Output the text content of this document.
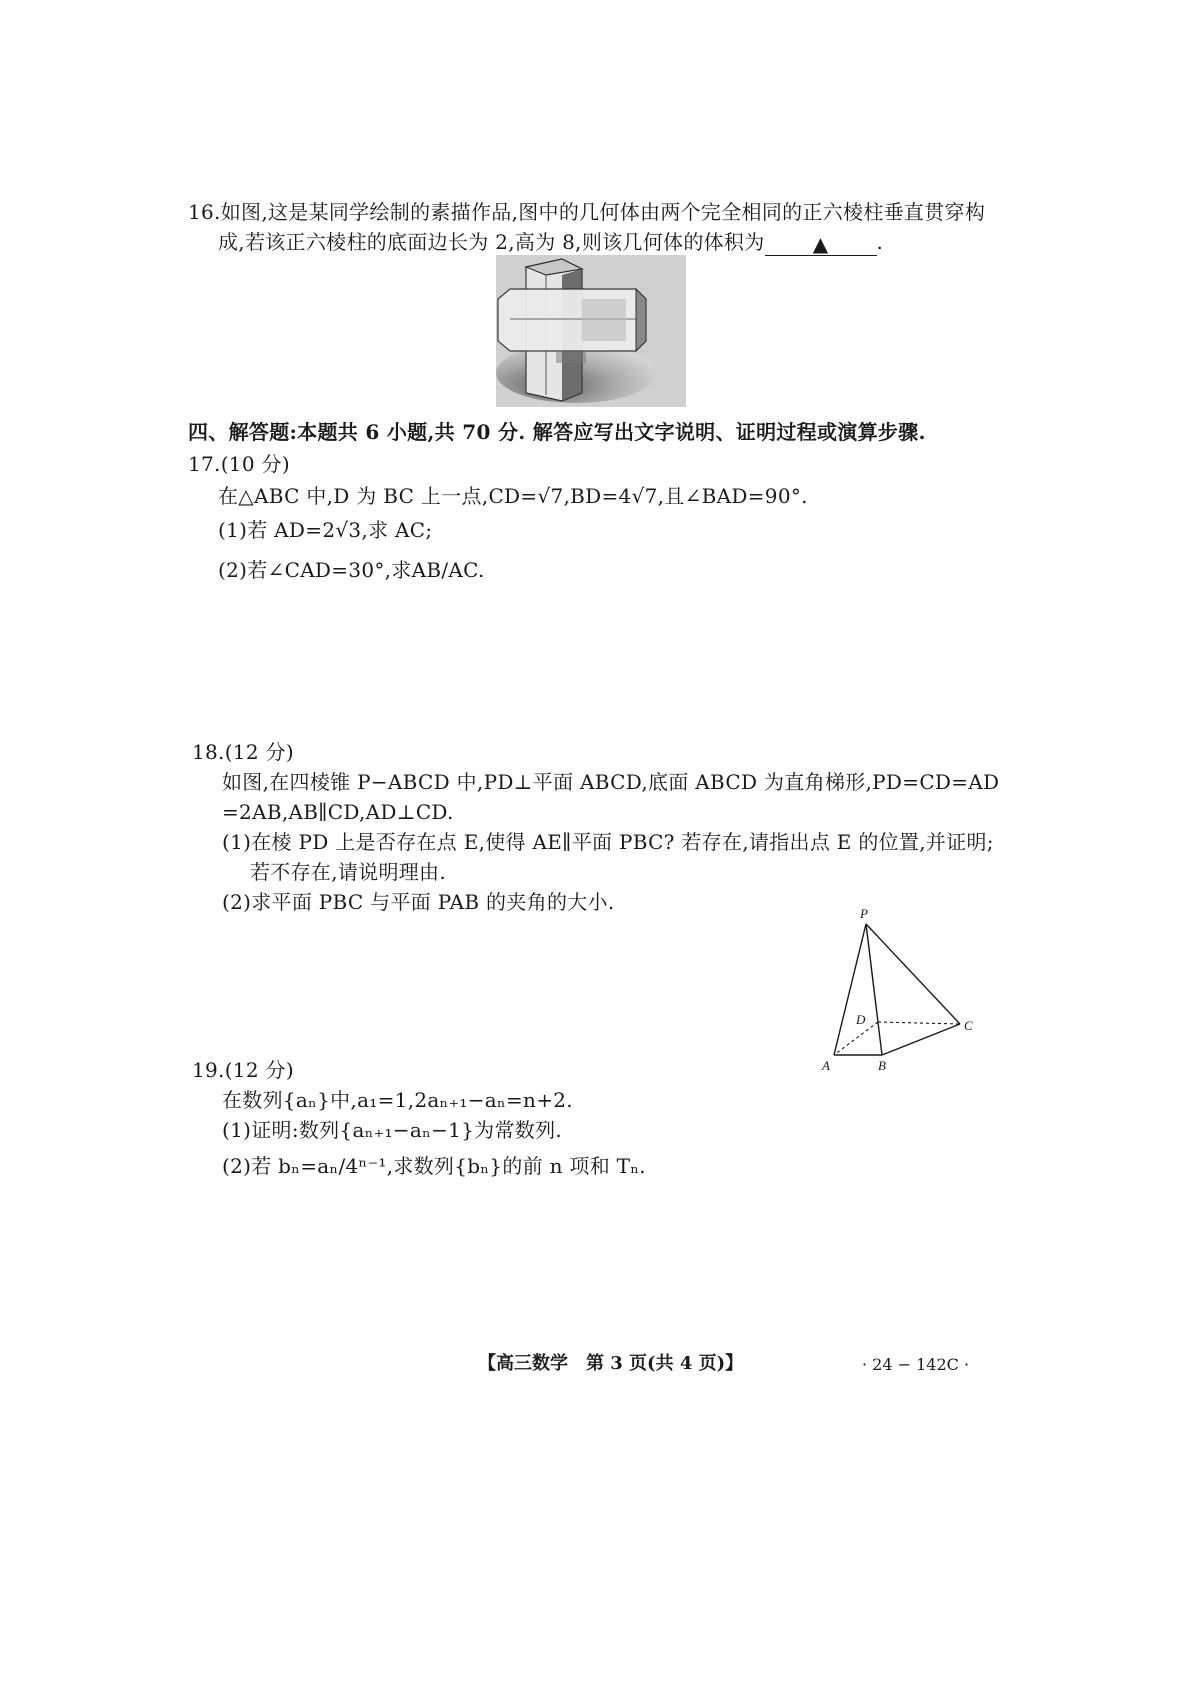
16.如图,这是某同学绘制的素描作品,图中的几何体由两个完全相同的正六棱柱垂直贯穿构
成,若该正六棱柱的底面边长为 2,高为 8,则该几何体的体积为 ▲ .
四、解答题:本题共 6 小题,共 70 分. 解答应写出文字说明、证明过程或演算步骤.
17.(10 分)
在△ABC 中,D 为 BC 上一点,CD=√7,BD=4√7,且∠BAD=90°.
(1)若 AD=2√3,求 AC;
(2)若∠CAD=30°,求AB/AC.
18.(12 分)
如图,在四棱锥 P−ABCD 中,PD⊥平面 ABCD,底面 ABCD 为直角梯形,PD=CD=AD
=2AB,AB∥CD,AD⊥CD.
(1)在棱 PD 上是否存在点 E,使得 AE∥平面 PBC? 若存在,请指出点 E 的位置,并证明;
若不存在,请说明理由.
(2)求平面 PBC 与平面 PAB 的夹角的大小.	P
D	C
A	B
19.(12 分)
在数列{aₙ}中,a₁=1,2aₙ₊₁−aₙ=n+2.
(1)证明:数列{aₙ₊₁−aₙ−1}为常数列.
(2)若 bₙ=aₙ/4ⁿ⁻¹,求数列{bₙ}的前 n 项和 Tₙ.
【高三数学　第 3 页(共 4 页)】	· 24 − 142C ·
